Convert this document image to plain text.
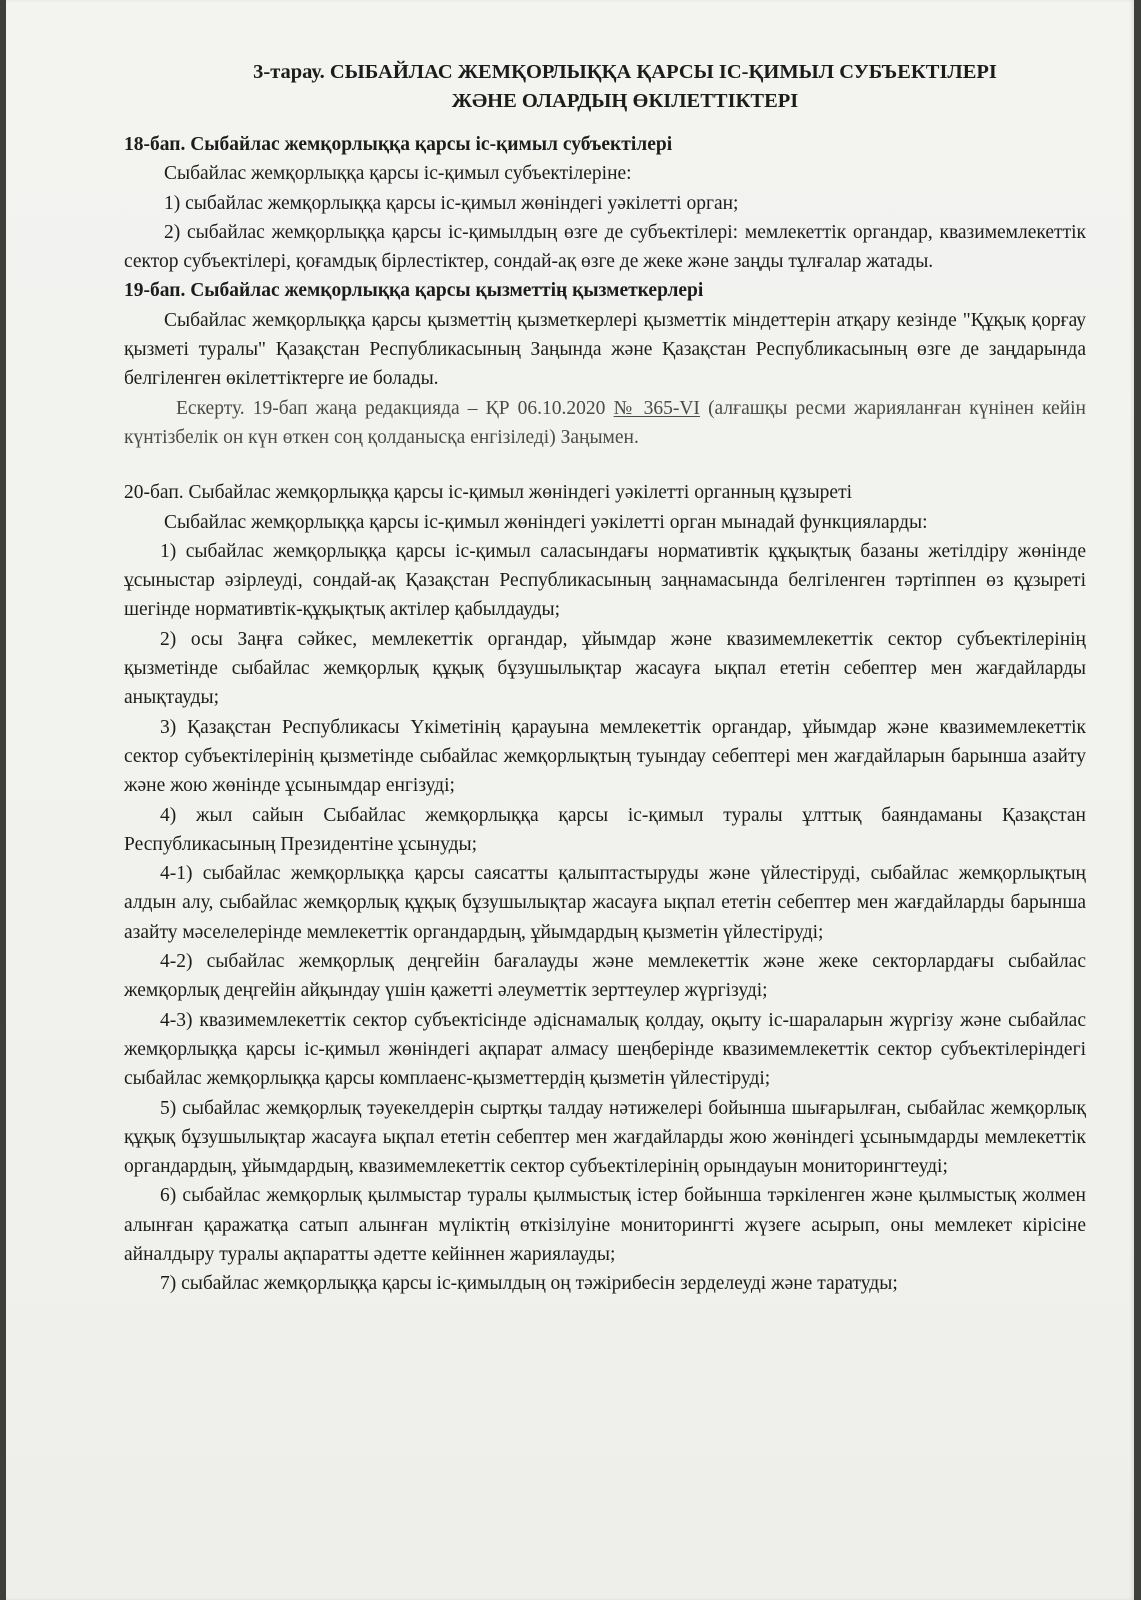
3-тарау. СЫБАЙЛАС ЖЕМҚОРЛЫҚҚА ҚАРСЫ ІС-ҚИМЫЛ СУБЪЕКТІЛЕРІ
ЖӘНЕ ОЛАРДЫҢ ӨКІЛЕТТІКТЕРІ
18-бап. Сыбайлас жемқорлыққа қарсы іс-қимыл субъектілері

Сыбайлас жемқорлыққа қарсы іс-қимыл субъектілеріне:

1) сыбайлас жемқорлыққа қарсы іс-қимыл жөніндегі уәкілетті орган;

2) сыбайлас жемқорлыққа қарсы іс-қимылдың өзге де субъектілері: мемлекеттік органдар, квазимемлекеттік сектор субъектілері, қоғамдық бірлестіктер, сондай-ақ өзге де жеке және заңды тұлғалар жатады.

19-бап. Сыбайлас жемқорлыққа қарсы қызметтің қызметкерлері

Сыбайлас жемқорлыққа қарсы қызметтің қызметкерлері қызметтік міндеттерін атқару кезінде "Құқық қорғау қызметі туралы" Қазақстан Республикасының Заңында және Қазақстан Республикасының өзге де заңдарында белгіленген өкілеттіктерге ие болады.

Ескерту. 19-бап жаңа редакцияда – ҚР 06.10.2020 № 365-VI (алғашқы ресми жарияланған күнінен кейін күнтізбелік он күн өткен соң қолданысқа енгізіледі) Заңымен.

20-бап. Сыбайлас жемқорлыққа қарсы іс-қимыл жөніндегі уәкілетті органның құзыреті

Сыбайлас жемқорлыққа қарсы іс-қимыл жөніндегі уәкілетті орган мынадай функцияларды:

1) сыбайлас жемқорлыққа қарсы іс-қимыл саласындағы нормативтік құқықтық базаны жетілдіру жөнінде ұсыныстар әзірлеуді, сондай-ақ Қазақстан Республикасының заңнамасында белгіленген тәртіппен өз құзыреті шегінде нормативтік-құқықтық актілер қабылдауды;

2) осы Заңға сәйкес, мемлекеттік органдар, ұйымдар және квазимемлекеттік сектор субъектілерінің қызметінде сыбайлас жемқорлық құқық бұзушылықтар жасауға ықпал ететін себептер мен жағдайларды анықтауды;

3) Қазақстан Республикасы Үкіметінің қарауына мемлекеттік органдар, ұйымдар және квазимемлекеттік сектор субъектілерінің қызметінде сыбайлас жемқорлықтың туындау себептері мен жағдайларын барынша азайту және жою жөнінде ұсынымдар енгізуді;

4) жыл сайын Сыбайлас жемқорлыққа қарсы іс-қимыл туралы ұлттық баяндаманы Қазақстан Республикасының Президентіне ұсынуды;

4-1) сыбайлас жемқорлыққа қарсы саясатты қалыптастыруды және үйлестіруді, сыбайлас жемқорлықтың алдын алу, сыбайлас жемқорлық құқық бұзушылықтар жасауға ықпал ететін себептер мен жағдайларды барынша азайту мәселелерінде мемлекеттік органдардың, ұйымдардың қызметін үйлестіруді;

4-2) сыбайлас жемқорлық деңгейін бағалауды және мемлекеттік және жеке секторлардағы сыбайлас жемқорлық деңгейін айқындау үшін қажетті әлеуметтік зерттеулер жүргізуді;

4-3) квазимемлекеттік сектор субъектісінде әдіснамалық қолдау, оқыту іс-шараларын жүргізу және сыбайлас жемқорлыққа қарсы іс-қимыл жөніндегі ақпарат алмасу шеңберінде квазимемлекеттік сектор субъектілеріндегі сыбайлас жемқорлыққа қарсы комплаенс-қызметтердің қызметін үйлестіруді;

5) сыбайлас жемқорлық тәуекелдерін сыртқы талдау нәтижелері бойынша шығарылған, сыбайлас жемқорлық құқық бұзушылықтар жасауға ықпал ететін себептер мен жағдайларды жою жөніндегі ұсынымдарды мемлекеттік органдардың, ұйымдардың, квазимемлекеттік сектор субъектілерінің орындауын мониторингтеуді;

6) сыбайлас жемқорлық қылмыстар туралы қылмыстық істер бойынша тәркіленген және қылмыстық жолмен алынған қаражатқа сатып алынған мүліктің өткізілуіне мониторингті жүзеге асырып, оны мемлекет кірісіне айналдыру туралы ақпаратты әдетте кейіннен жариялауды;

7) сыбайлас жемқорлыққа қарсы іс-қимылдың оң тәжірибесін зерделеуді және таратуды;
